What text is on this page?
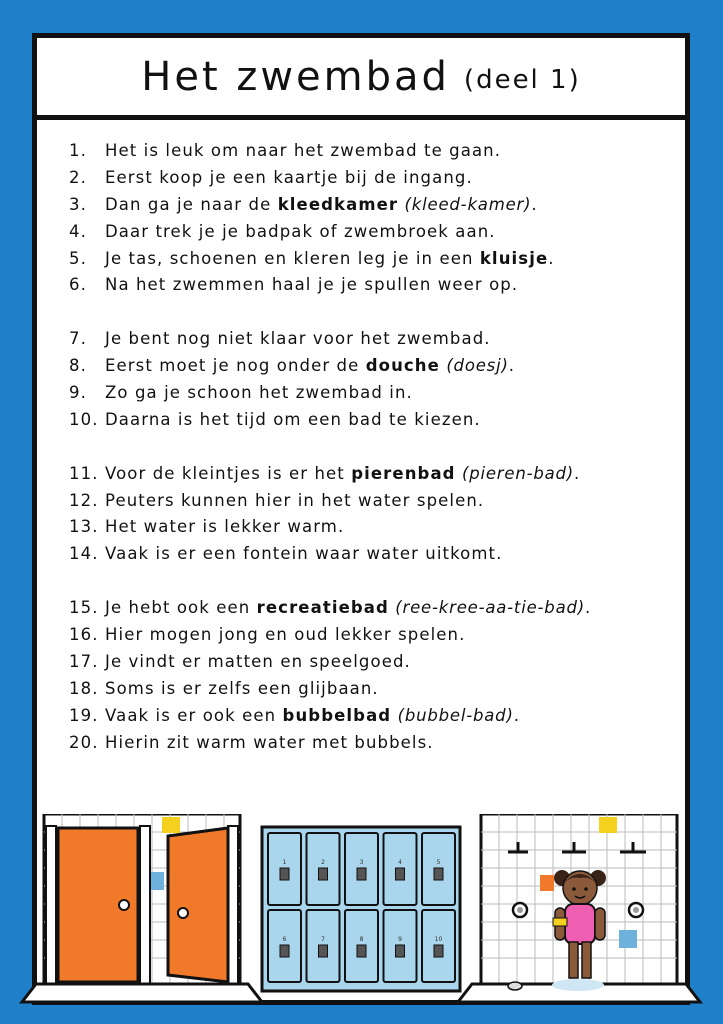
Het zwembad (deel 1)
1.	Het is leuk om naar het zwembad te gaan.
2.	Eerst koop je een kaartje bij de ingang.
3.	Dan ga je naar de kleedkamer (kleed-kamer).
4.	Daar trek je je badpak of zwembroek aan.
5.	Je tas, schoenen en kleren leg je in een kluisje.
6.	Na het zwemmen haal je je spullen weer op.
7.	Je bent nog niet klaar voor het zwembad.
8.	Eerst moet je nog onder de douche (doesj).
9.	Zo ga je schoon het zwembad in.
10. Daarna is het tijd om een bad te kiezen.
11. Voor de kleintjes is er het pierenbad (pieren-bad).
12. Peuters kunnen hier in het water spelen.
13. Het water is lekker warm.
14. Vaak is er een fontein waar water uitkomt.
15. Je hebt ook een recreatiebad (ree-kree-aa-tie-bad).
16. Hier mogen jong en oud lekker spelen.
17. Je vindt er matten en speelgoed.
18. Soms is er zelfs een glijbaan.
19. Vaak is er ook een bubbelbad (bubbel-bad).
20. Hierin zit warm water met bubbels.
1	2	3	4	5
6	7	8	9	10
